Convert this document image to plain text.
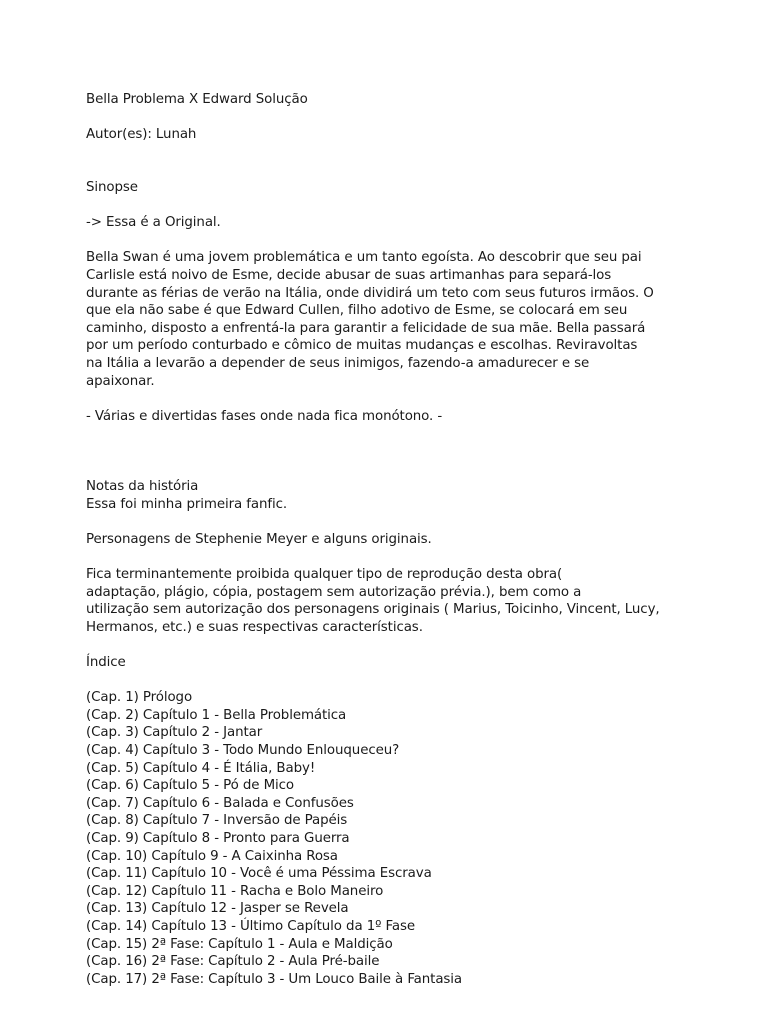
Bella Problema X Edward Solução

Autor(es): Lunah

Sinopse

-> Essa é a Original.

Bella Swan é uma jovem problemática e um tanto egoísta. Ao descobrir que seu pai
Carlisle está noivo de Esme, decide abusar de suas artimanhas para separá-los
durante as férias de verão na Itália, onde dividirá um teto com seus futuros irmãos. O
que ela não sabe é que Edward Cullen, filho adotivo de Esme, se colocará em seu
caminho, disposto a enfrentá-la para garantir a felicidade de sua mãe. Bella passará
por um período conturbado e cômico de muitas mudanças e escolhas. Reviravoltas
na Itália a levarão a depender de seus inimigos, fazendo-a amadurecer e se
apaixonar.

- Várias e divertidas fases onde nada fica monótono. -

Notas da história

Essa foi minha primeira fanfic.

Personagens de Stephenie Meyer e alguns originais.

Fica terminantemente proibida qualquer tipo de reprodução desta obra(
adaptação, plágio, cópia, postagem sem autorização prévia.), bem como a
utilização sem autorização dos personagens originais ( Marius, Toicinho, Vincent, Lucy,
Hermanos, etc.) e suas respectivas características.

Índice

(Cap. 1) Prólogo
(Cap. 2) Capítulo 1 - Bella Problemática
(Cap. 3) Capítulo 2 - Jantar
(Cap. 4) Capítulo 3 - Todo Mundo Enlouqueceu?
(Cap. 5) Capítulo 4 - É Itália, Baby!
(Cap. 6) Capítulo 5 - Pó de Mico
(Cap. 7) Capítulo 6 - Balada e Confusões
(Cap. 8) Capítulo 7 - Inversão de Papéis
(Cap. 9) Capítulo 8 - Pronto para Guerra
(Cap. 10) Capítulo 9 - A Caixinha Rosa
(Cap. 11) Capítulo 10 - Você é uma Péssima Escrava
(Cap. 12) Capítulo 11 - Racha e Bolo Maneiro
(Cap. 13) Capítulo 12 - Jasper se Revela
(Cap. 14) Capítulo 13 - Último Capítulo da 1º Fase
(Cap. 15) 2ª Fase: Capítulo 1 - Aula e Maldição
(Cap. 16) 2ª Fase: Capítulo 2 - Aula Pré-baile
(Cap. 17) 2ª Fase: Capítulo 3 - Um Louco Baile à Fantasia
